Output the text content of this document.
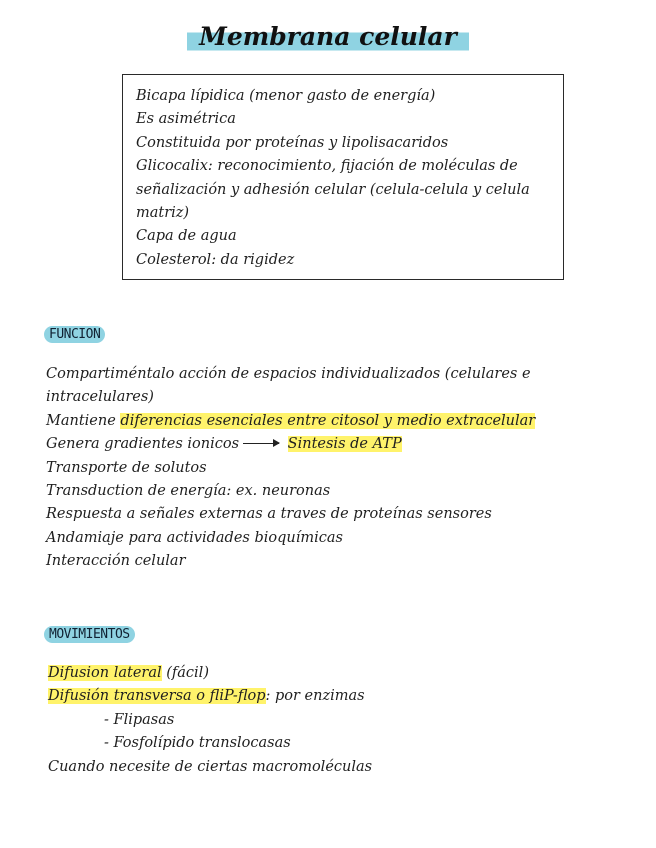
Membrana celular
Bicapa lípidica (menor gasto de energía)
Es asimétrica
Constituida por proteínas y lipolisacaridos
Glicocalix: reconocimiento, fijación de moléculas de señalización y adhesión celular (celula-celula y celula matriz)
Capa de agua
Colesterol: da rigidez
FUNCION
Compartiméntalo acción de espacios individualizados (celulares e
intracelulares)
Mantiene diferencias esenciales entre citosol y medio extracelular
Genera gradientes ionicos	Sintesis de ATP
Transporte de solutos
Transduction de energía: ex. neuronas
Respuesta a señales externas a traves de proteínas sensores
Andamiaje para actividades bioquímicas
Interacción celular
MOVIMIENTOS
Difusion lateral (fácil)
Difusión transversa o fliP-flop: por enzimas
- Flipasas
- Fosfolípido translocasas
Cuando necesite de ciertas macromoléculas
